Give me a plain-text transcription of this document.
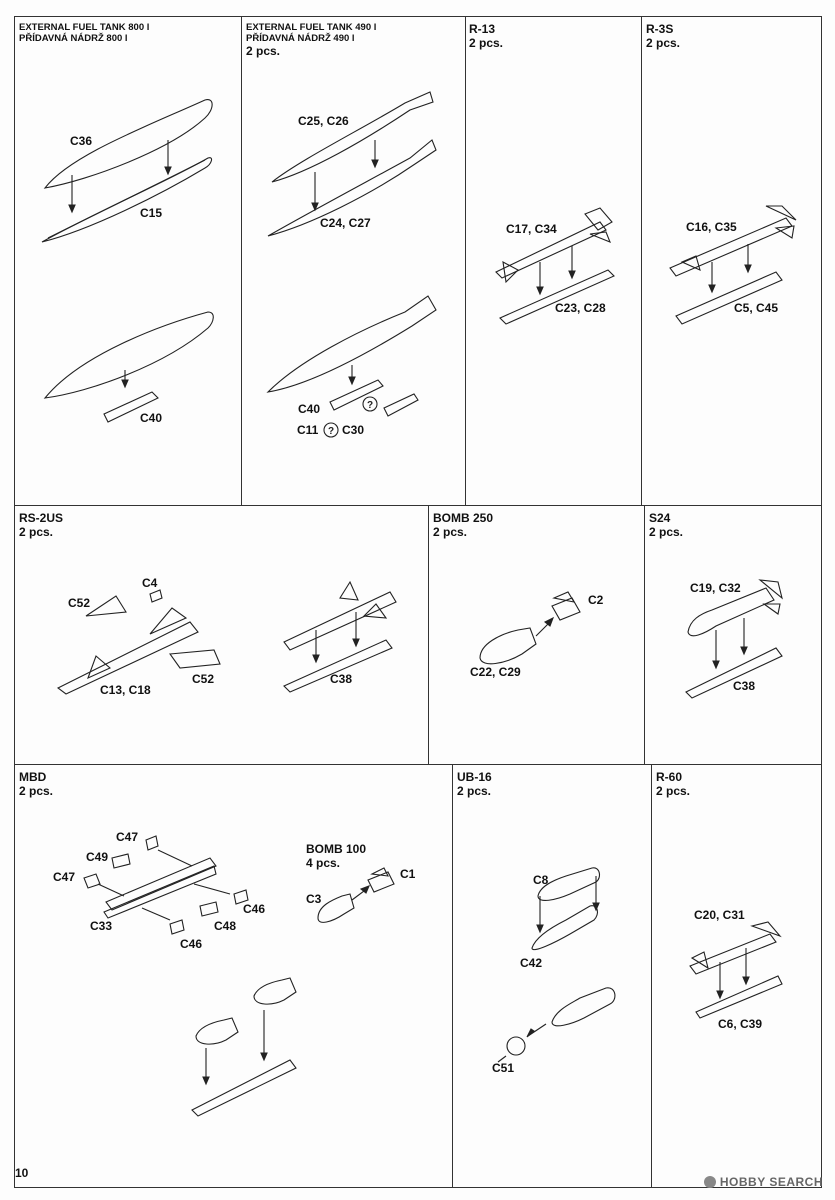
EXTERNAL FUEL TANK 800 l
PŘÍDAVNÁ NÁDRŽ 800 l
C36
C15
C40
EXTERNAL FUEL TANK 490 l
PŘÍDAVNÁ NÁDRŽ 490 l
2 pcs.
?
?
C25, C26
C24, C27
C40
C11 C30
R-13
2 pcs.
C17, C34
C23, C28
R-3S
2 pcs.
C16, C35
C5, C45
RS-2US
2 pcs.
C4
C52
C52
C13, C18
C38
BOMB 250
2 pcs.
C2
C22, C29
S24
2 pcs.
C19, C32
C38
MBD
2 pcs.
C47
C49
C47
C46
C33	C48
C46
BOMB 100
4 pcs.
C1
C3
UB-16
2 pcs.
C8
C42
C51
R-60
2 pcs.
C20, C31
C6, C39
10
HOBBY SEARCH
